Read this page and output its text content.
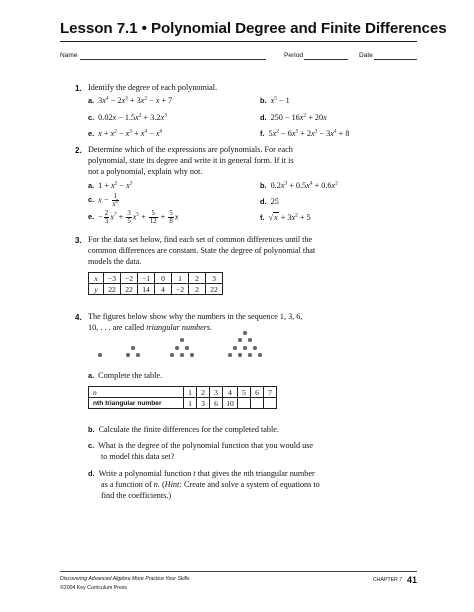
Lesson 7.1 • Polynomial Degree and Finite Differences
Name	Period	Date
1. Identify the degree of each polynomial.
a. $3x^4 - 2x^3 + 3x^2 - x + 7$	b. $x^5 - 1$
c. $0.02x - 1.5x^2 + 3.2x^3$	d. $250 - 16x^2 + 20x$
e. $x + x^2 - x^3 + x^4 - x^6$	f. $5x^2 - 6x^5 + 2x^3 - 3x^4 + 8$
2. Determine which of the expressions are polynomials. For each
polynomial, state its degree and write it in general form. If it is
not a polynomial, explain why not.
a. $1 + x^2 - x^3$	b. $0.2x^3 + 0.5x^4 + 0.6x^2$
c. $x - \frac{1}{x^2}$	d. 25
e. − $\frac{2}{3} x^7 + \frac{3}{5} x^5 + \frac{5}{12} + \frac{5}{8}$ x	f. $√x + 3x^2 + 5$
3. For the data set below, find each set of common differences until the
common differences are constant. State the degree of polynomial that
models the data.
x	−3	−2	−1	0	1	2	3
y	22	22	14	4	−2	2	22
4. The figures below show why the numbers in the sequence 1, 3, 6,
10, . . . are called triangular numbers.
a. Complete the table.
n	1	2	3	4	5	6	7
nth triangular number	1	3	6	10			
b. Calculate the finite differences for the completed table.
c. What is the degree of the polynomial function that you would use
to model this data set?
d. Write a polynomial function t that gives the nth triangular number
as a function of n. (Hint: Create and solve a system of equations to
find the coefficients.)
Discovering Advanced Algebra More Practice Your Skills
©2004 Key Curriculum Press
CHAPTER 7 41
